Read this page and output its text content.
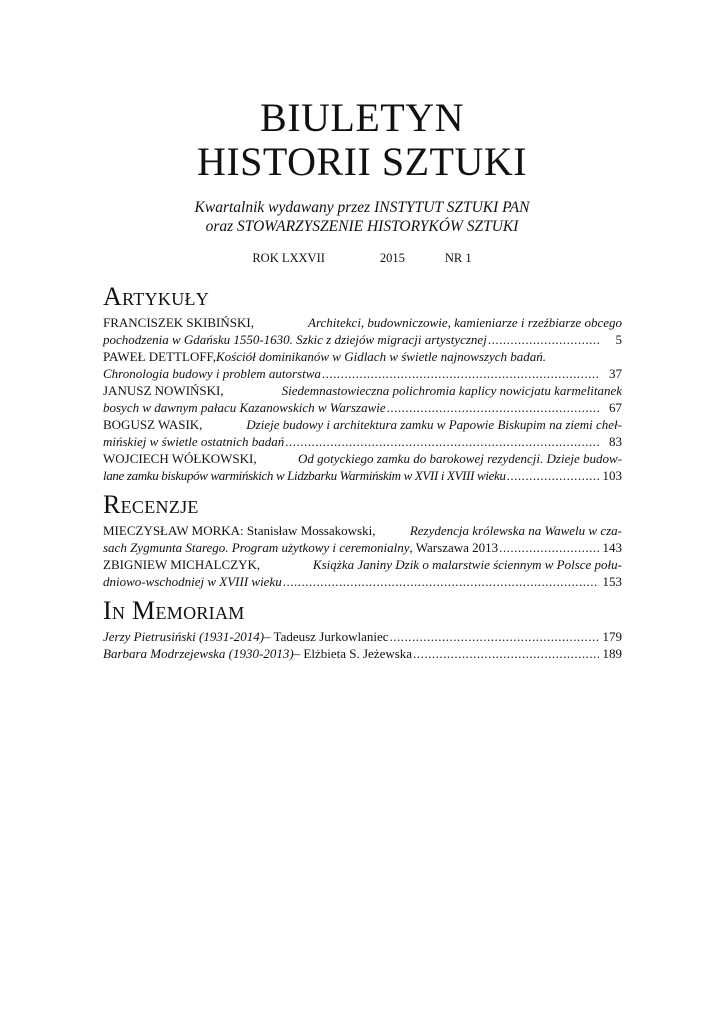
BIULETYN
HISTORII SZTUKI
Kwartalnik wydawany przez INSTYTUT SZTUKI PAN
oraz STOWARZYSZENIE HISTORYKÓW SZTUKI
ROK LXXVII	2015	NR 1
Artykuły
FRANCISZEK SKIBIŃSKI,	Architekci, budowniczowie, kamieniarze i rzeźbiarze obcego
pochodzenia w Gdańsku 1550-1630. Szkic z dziejów migracji artystycznej .....	5
PAWEŁ DETTLOFF, Kościół dominikanów w Gidlach w świetle najnowszych badań.
Chronologia budowy i problem autorstwa .....	37
JANUSZ NOWIŃSKI,	Siedemnastowieczna polichromia kaplicy nowicjatu karmelitanek
bosych w dawnym pałacu Kazanowskich w Warszawie .....	67
BOGUSZ WASIK,	Dzieje budowy i architektura zamku w Papowie Biskupim na ziemi cheł-
mińskiej w świetle ostatnich badań .....	83
WOJCIECH WÓŁKOWSKI,	Od gotyckiego zamku do barokowej rezydencji. Dzieje budow-
lane zamku biskupów warmińskich w Lidzbarku Warmińskim w XVII i XVIII wieku .....	103
Recenzje
MIECZYSŁAW MORKA: Stanisław Mossakowski,	Rezydencja królewska na Wawelu w cza-
sach Zygmunta Starego. Program użytkowy i ceremonialny , Warszawa 2013 .....	143
ZBIGNIEW MICHALCZYK,	Książka Janiny Dzik o malarstwie ściennym w Polsce połu-
dniowo-wschodniej w XVIII wieku .....	153
In Memoriam
Jerzy Pietrusiński (1931-2014) – Tadeusz Jurkowlaniec .....	179
Barbara Modrzejewska (1930-2013) – Elżbieta S. Jeżewska .....	189
